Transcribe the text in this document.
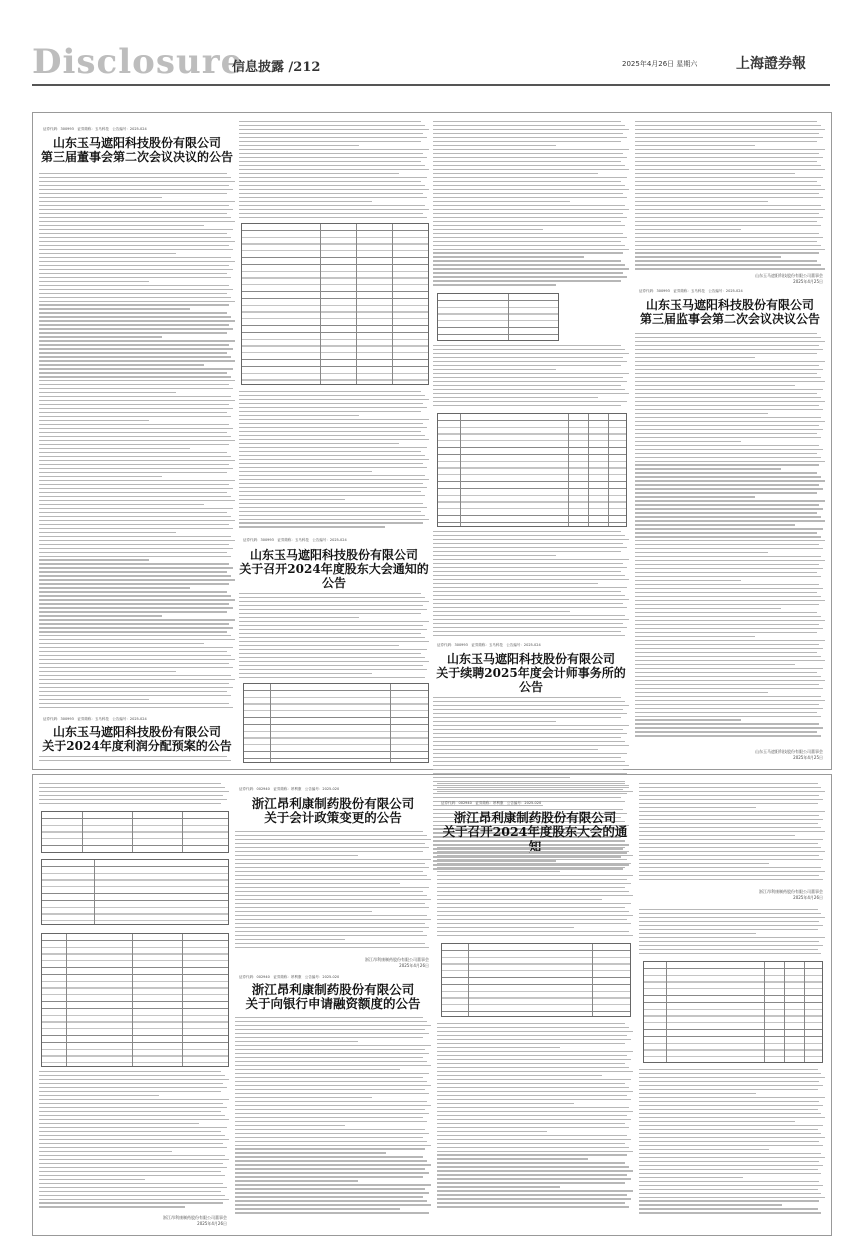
Disclosure
信息披露 /212	2025年4月26日 星期六	上海證券報
证券代码：300993　证券简称：玉马科技　公告编号：2025-024
山东玉马遮阳科技股份有限公司
第三届董事会第二次会议决议的公告
证券代码：300993　证券简称：玉马科技　公告编号：2025-024
山东玉马遮阳科技股份有限公司
关于2024年度利润分配预案的公告
证券代码：300993　证券简称：玉马科技　公告编号：2025-024
山东玉马遮阳科技股份有限公司
关于召开2024年度股东大会通知的
公告
证券代码：300993　证券简称：玉马科技　公告编号：2025-024
山东玉马遮阳科技股份有限公司
关于续聘2025年度会计师事务所的
公告
山东玉马遮阳科技股份有限公司董事会
2025年4月25日
证券代码：300993　证券简称：玉马科技　公告编号：2025-024
山东玉马遮阳科技股份有限公司
第三届监事会第二次会议决议公告
山东玉马遮阳科技股份有限公司董事会
2025年4月25日
浙江昂利康制药股份有限公司董事会
2025年4月26日
证券代码：002940　证券简称：昂利康　公告编号：2025-020
浙江昂利康制药股份有限公司
关于会计政策变更的公告
浙江昂利康制药股份有限公司董事会
2025年4月26日
证券代码：002940　证券简称：昂利康　公告编号：2025-020
浙江昂利康制药股份有限公司
关于向银行申请融资额度的公告
证券代码：002940　证券简称：昂利康　公告编号：2025-020
浙江昂利康制药股份有限公司
关于召开2024年度股东大会的通
浙江昂利康制药股份有限公司董事会
2025年4月26日
